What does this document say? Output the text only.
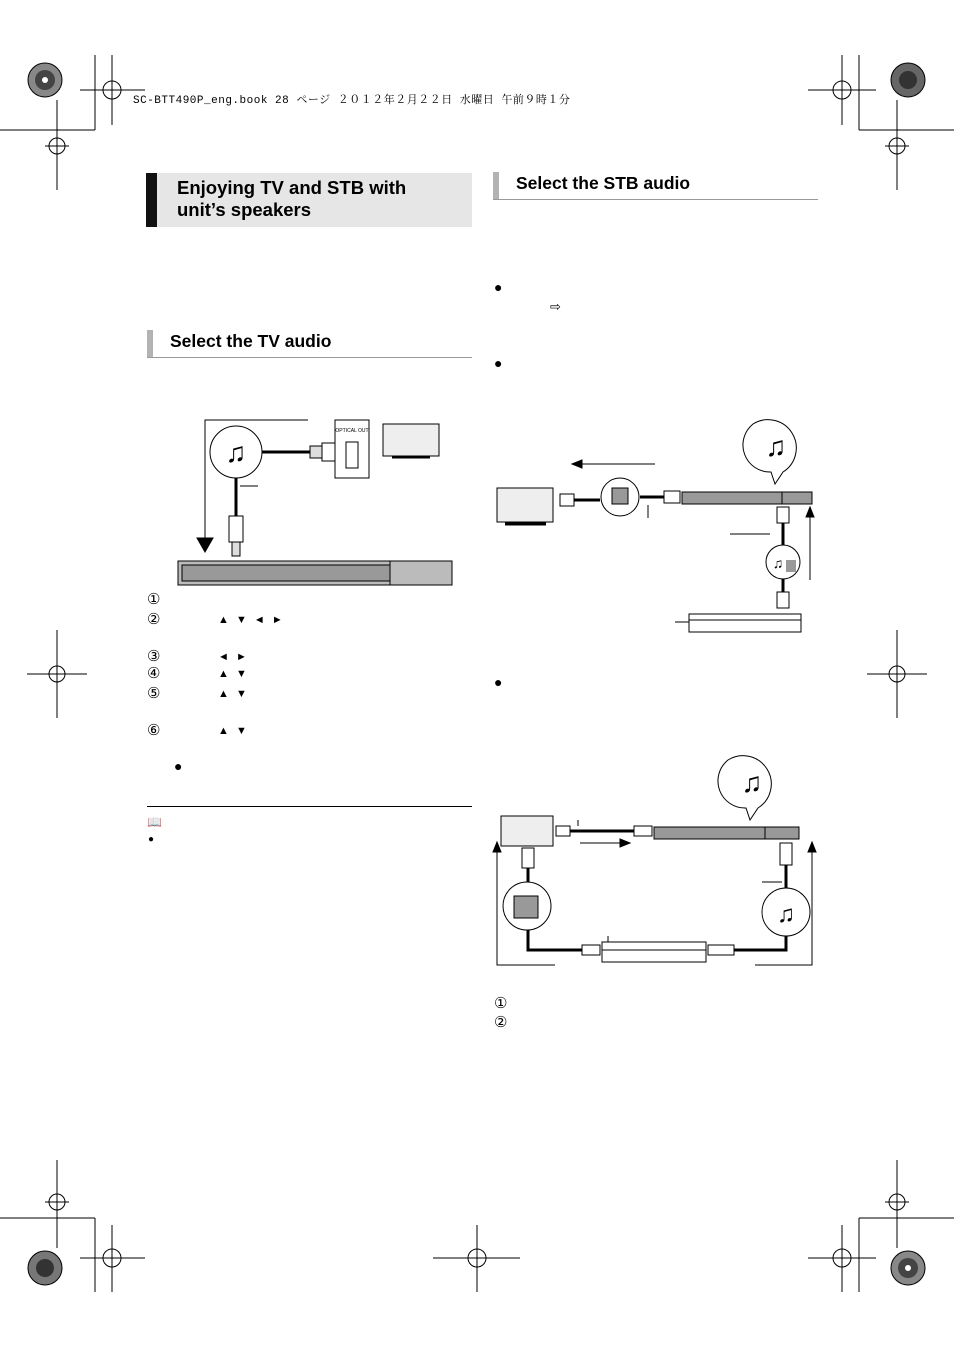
SC-BTT490P_eng.book 28 ページ ２０１２年２月２２日 水曜日 午前９時１分
Enjoying TV and STB with
unit’s speakers
Select the TV audio
♫
OPTICAL OUT
①
②	▲ ▼ ◄ ►
③	◄ ►
④	▲ ▼
⑤	▲ ▼
⑥	▲ ▼
●
📖
●
Select the STB audio
●
⇨
●
♫
♫
●
♫
♫
①
②
